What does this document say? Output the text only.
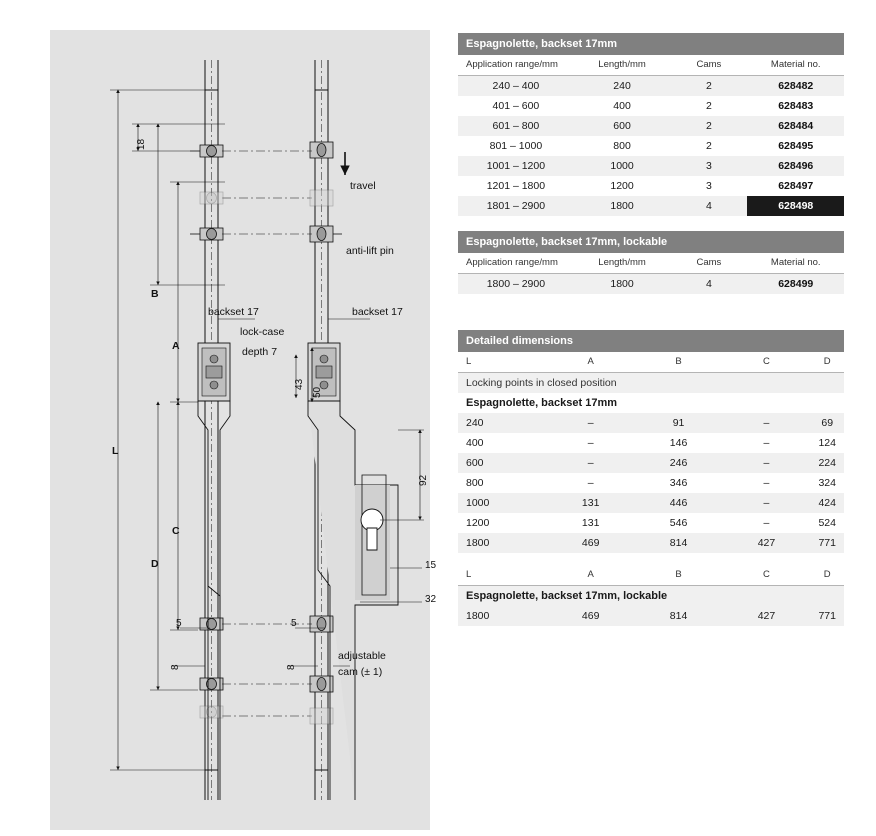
travel
anti-lift pin
backset 17	backset 17
lock-case
depth 7
adjustable
cam (± 1)
18
43
50
92
15
32
5	5
8	8
A
B
C
D
L
Espagnolette, backset 17mm
Application range/mm	Length/mm	Cams	Material no.
240 – 400	240	2	628482
401 – 600	400	2	628483
601 – 800	600	2	628484
801 – 1000	800	2	628495
1001 – 1200	1000	3	628496
1201 – 1800	1200	3	628497
1801 – 2900	1800	4	628498
Espagnolette, backset 17mm, lockable
Application range/mm	Length/mm	Cams	Material no.
1800 – 2900	1800	4	628499
Detailed dimensions
Locking points in closed position				
Espagnolette, backset 17mm				
L	A	B	C	D
240	–	91	–	69
400	–	146	–	124
600	–	246	–	224
800	–	346	–	324
1000	131	446	–	424
1200	131	546	–	524
1800	469	814	427	771
Espagnolette, backset 17mm, lockable				
L	A	B	C	D
1800	469	814	427	771
